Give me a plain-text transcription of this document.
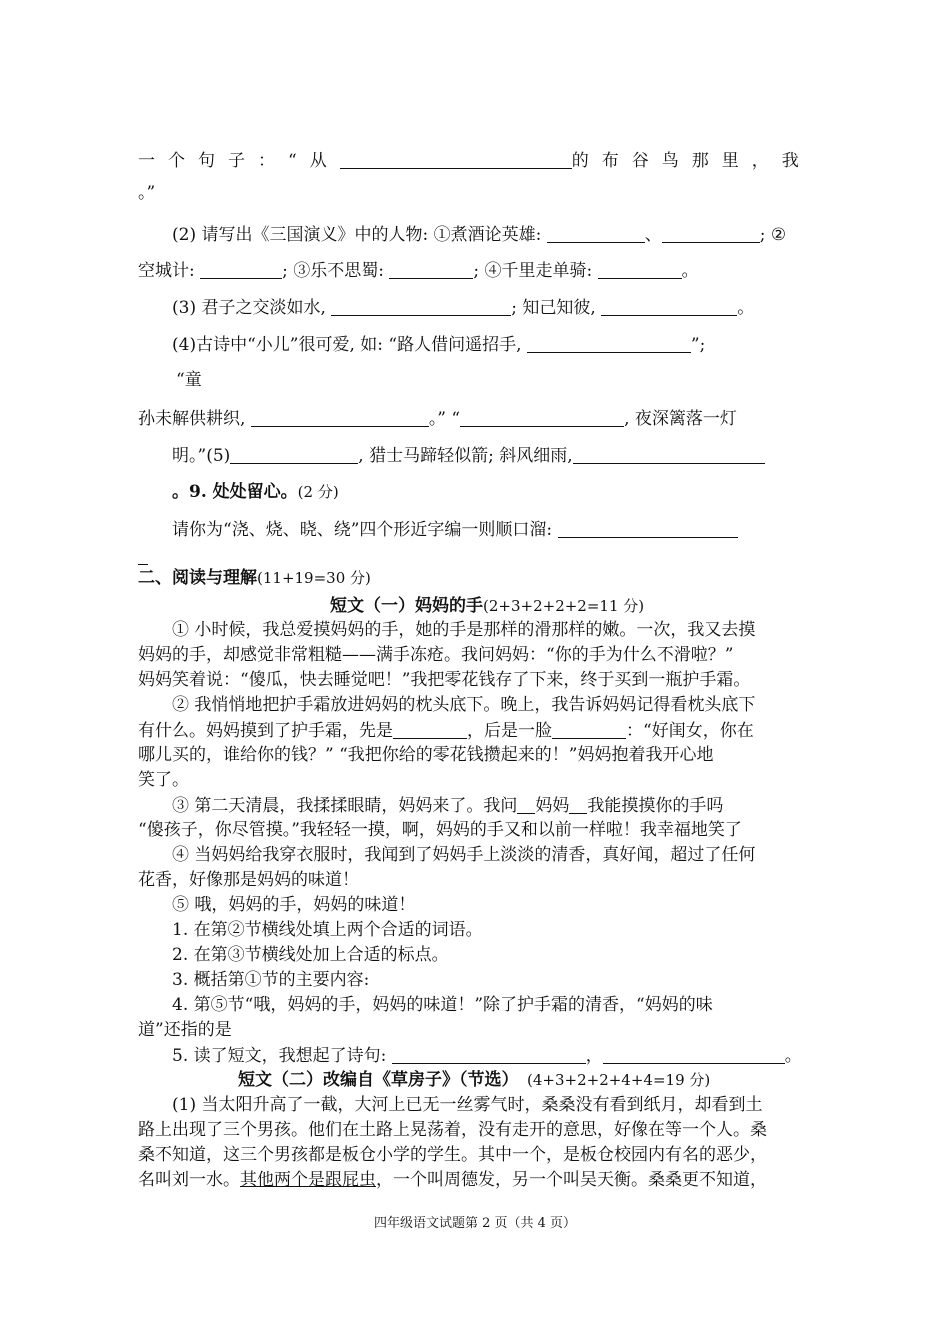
一个句子：“从	的布谷鸟那里，我
。”
(2) 请写出《三国演义》中的人物: ①煮酒论英雄:	、	; ②
空城计:	; ③乐不思蜀:	; ④千里走单骑:	。
(3) 君子之交淡如水,	; 知己知彼,	。
(4)古诗中“小儿”很可爱, 如: “路人借问遥招手,	”;
“童
孙未解供耕织,	。” “	, 夜深篱落一灯
明。”(5)	, 猎士马蹄轻似箭; 斜风细雨,
。9. 处处留心。(2 分)
请你为“浇、烧、晓、绕”四个形近字编一则顺口溜:
二、阅读与理解(11+19=30 分)
短文（一）妈妈的手(2+3+2+2+2=11 分)
① 小时候，我总爱摸妈妈的手，她的手是那样的滑那样的嫩。一次，我又去摸
妈妈的手，却感觉非常粗糙——满手冻疮。我问妈妈：“你的手为什么不滑啦？”
妈妈笑着说：“傻瓜，快去睡觉吧！”我把零花钱存了下来，终于买到一瓶护手霜。
② 我悄悄地把护手霜放进妈妈的枕头底下。晚上，我告诉妈妈记得看枕头底下
有什么。妈妈摸到了护手霜，先是	，后是一脸	：“好闺女，你在
哪儿买的，谁给你的钱？” “我把你给的零花钱攒起来的！”妈妈抱着我开心地
笑了。
③ 第二天清晨，我揉揉眼睛，妈妈来了。我问 妈妈 我能摸摸你的手吗
“傻孩子，你尽管摸。”我轻轻一摸，啊，妈妈的手又和以前一样啦！我幸福地笑了
④ 当妈妈给我穿衣服时，我闻到了妈妈手上淡淡的清香，真好闻，超过了任何
花香，好像那是妈妈的味道！
⑤ 哦，妈妈的手，妈妈的味道！
1. 在第②节横线处填上两个合适的词语。
2. 在第③节横线处加上合适的标点。
3. 概括第①节的主要内容:
4. 第⑤节“哦，妈妈的手，妈妈的味道！”除了护手霜的清香，“妈妈的味
道”还指的是
5. 读了短文，我想起了诗句:	，	。
短文（二）改编自《草房子》（节选）　 (4+3+2+2+4+4=19 分)
(1) 当太阳升高了一截，大河上已无一丝雾气时，桑桑没有看到纸月，却看到土
路上出现了三个男孩。他们在土路上晃荡着，没有走开的意思，好像在等一个人。桑
桑不知道，这三个男孩都是板仓小学的学生。其中一个，是板仓校园内有名的恶少，
名叫刘一水。其他两个是跟屁虫，一个叫周德发，另一个叫吴天衡。桑桑更不知道，
四年级语文试题第 2 页（共 4 页）
